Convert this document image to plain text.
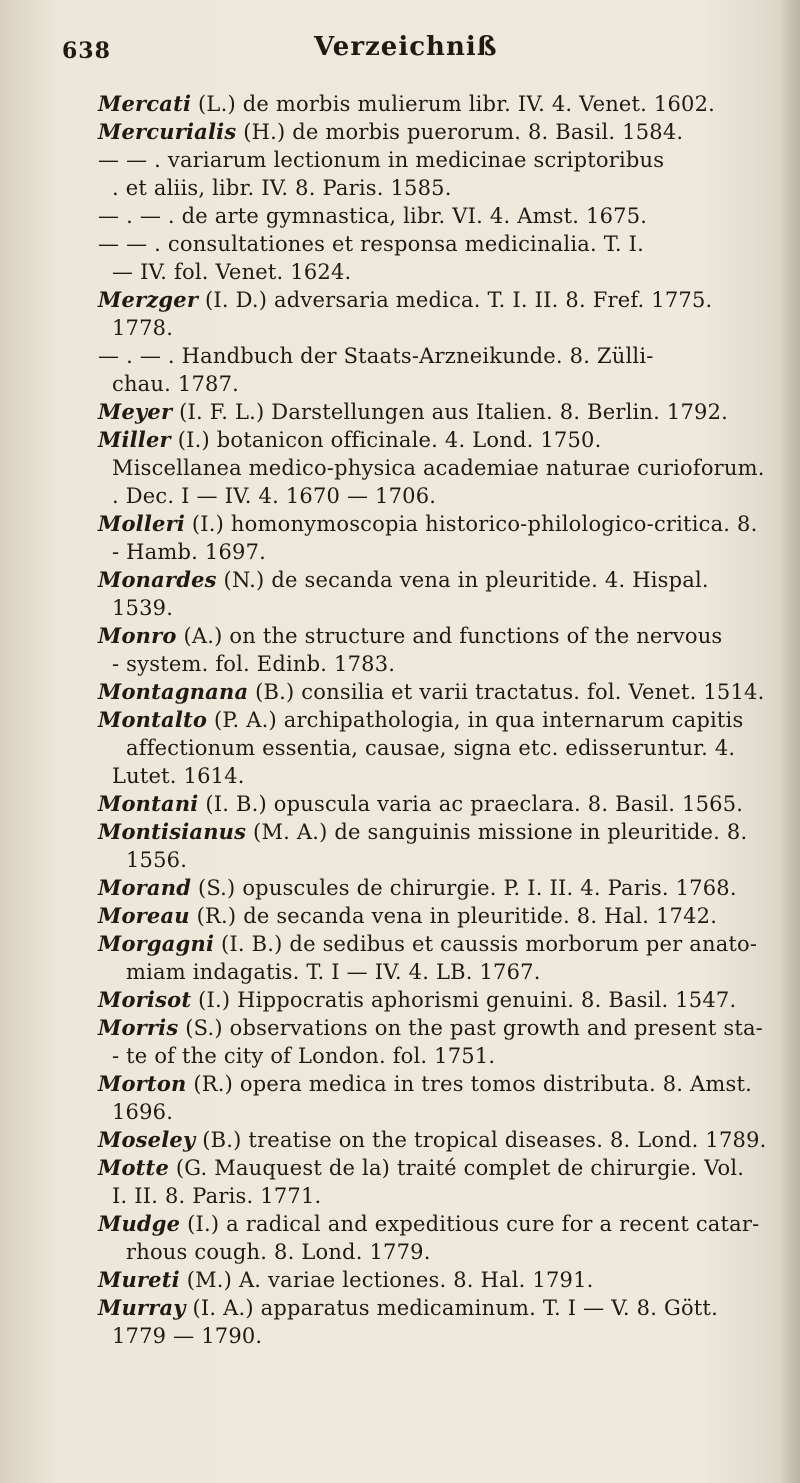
638	Verzeichniß
Mercati (L.) de morbis mulierum libr. IV. 4. Venet. 1602.
Mercurialis (H.) de morbis puerorum. 8. Basil. 1584.
— — . variarum lectionum in medicinae scriptoribus
. et aliis, libr. IV. 8. Paris. 1585.
— . — . de arte gymnastica, libr. VI. 4. Amst. 1675.
— — . consultationes et responsa medicinalia. T. I.
— IV. fol. Venet. 1624.
Merzger (I. D.) adversaria medica. T. I. II. 8. Fref. 1775.
1778.
— . — . Handbuch der Staats-Arzneikunde. 8. Zülli-
chau. 1787.
Meyer (I. F. L.) Darstellungen aus Italien. 8. Berlin. 1792.
Miller (I.) botanicon officinale. 4. Lond. 1750.
Miscellanea medico-physica academiae naturae curioforum.
. Dec. I — IV. 4. 1670 — 1706.
Molleri (I.) homonymoscopia historico-philologico-critica. 8.
- Hamb. 1697.
Monardes (N.) de secanda vena in pleuritide. 4. Hispal.
1539.
Monro (A.) on the structure and functions of the nervous
- system. fol. Edinb. 1783.
Montagnana (B.) consilia et varii tractatus. fol. Venet. 1514.
Montalto (P. A.) archipathologia, in qua internarum capitis
affectionum essentia, causae, signa etc. edisseruntur. 4.
Lutet. 1614.
Montani (I. B.) opuscula varia ac praeclara. 8. Basil. 1565.
Montisianus (M. A.) de sanguinis missione in pleuritide. 8.
1556.
Morand (S.) opuscules de chirurgie. P. I. II. 4. Paris. 1768.
Moreau (R.) de secanda vena in pleuritide. 8. Hal. 1742.
Morgagni (I. B.) de sedibus et caussis morborum per anato-
miam indagatis. T. I — IV. 4. LB. 1767.
Morisot (I.) Hippocratis aphorismi genuini. 8. Basil. 1547.
Morris (S.) observations on the past growth and present sta-
- te of the city of London. fol. 1751.
Morton (R.) opera medica in tres tomos distributa. 8. Amst.
1696.
Moseley (B.) treatise on the tropical diseases. 8. Lond. 1789.
Motte (G. Mauquest de la) traité complet de chirurgie. Vol.
I. II. 8. Paris. 1771.
Mudge (I.) a radical and expeditious cure for a recent catar-
rhous cough. 8. Lond. 1779.
Mureti (M.) A. variae lectiones. 8. Hal. 1791.
Murray (I. A.) apparatus medicaminum. T. I — V. 8. Gött.
1779 — 1790.
